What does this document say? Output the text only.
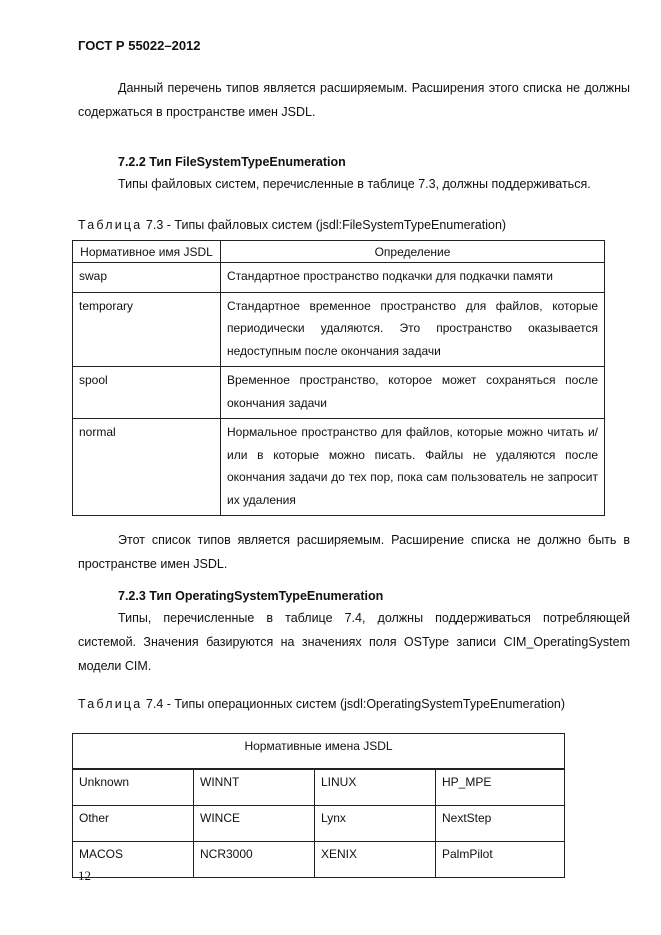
ГОСТ Р 55022–2012

Данный перечень типов является расширяемым. Расширения этого списка не должны содержаться в пространстве имен JSDL.

7.2.2 Тип FileSystemTypeEnumeration

Типы файловых систем, перечисленные в таблице 7.3, должны поддерживаться.

Таблица 7.3 - Типы файловых систем (jsdl:FileSystemTypeEnumeration)
Нормативное имя JSDL	Определение
swap	Стандартное пространство подкачки для подкачки памяти
temporary	Стандартное временное пространство для файлов, которые периодически удаляются. Это пространство оказывается недоступным после окончания задачи
spool	Временное пространство, которое может сохраняться после окончания задачи
normal	Нормальное пространство для файлов, которые можно читать и/или в которые можно писать. Файлы не удаляются после окончания задачи до тех пор, пока сам пользователь не запросит их удаления

Этот список типов является расширяемым. Расширение списка не должно быть в пространстве имен JSDL.

7.2.3 Тип OperatingSystemTypeEnumeration

Типы, перечисленные в таблице 7.4, должны поддерживаться потребляющей системой. Значения базируются на значениях поля OSType записи CIM_OperatingSystem модели CIM.

Таблица 7.4 - Типы операционных систем (jsdl:OperatingSystemTypeEnumeration)
Нормативные имена JSDL			
Unknown	WINNT	LINUX	HP_MPE
Other	WINCE	Lynx	NextStep
MACOS	NCR3000	XENIX	PalmPilot
12
